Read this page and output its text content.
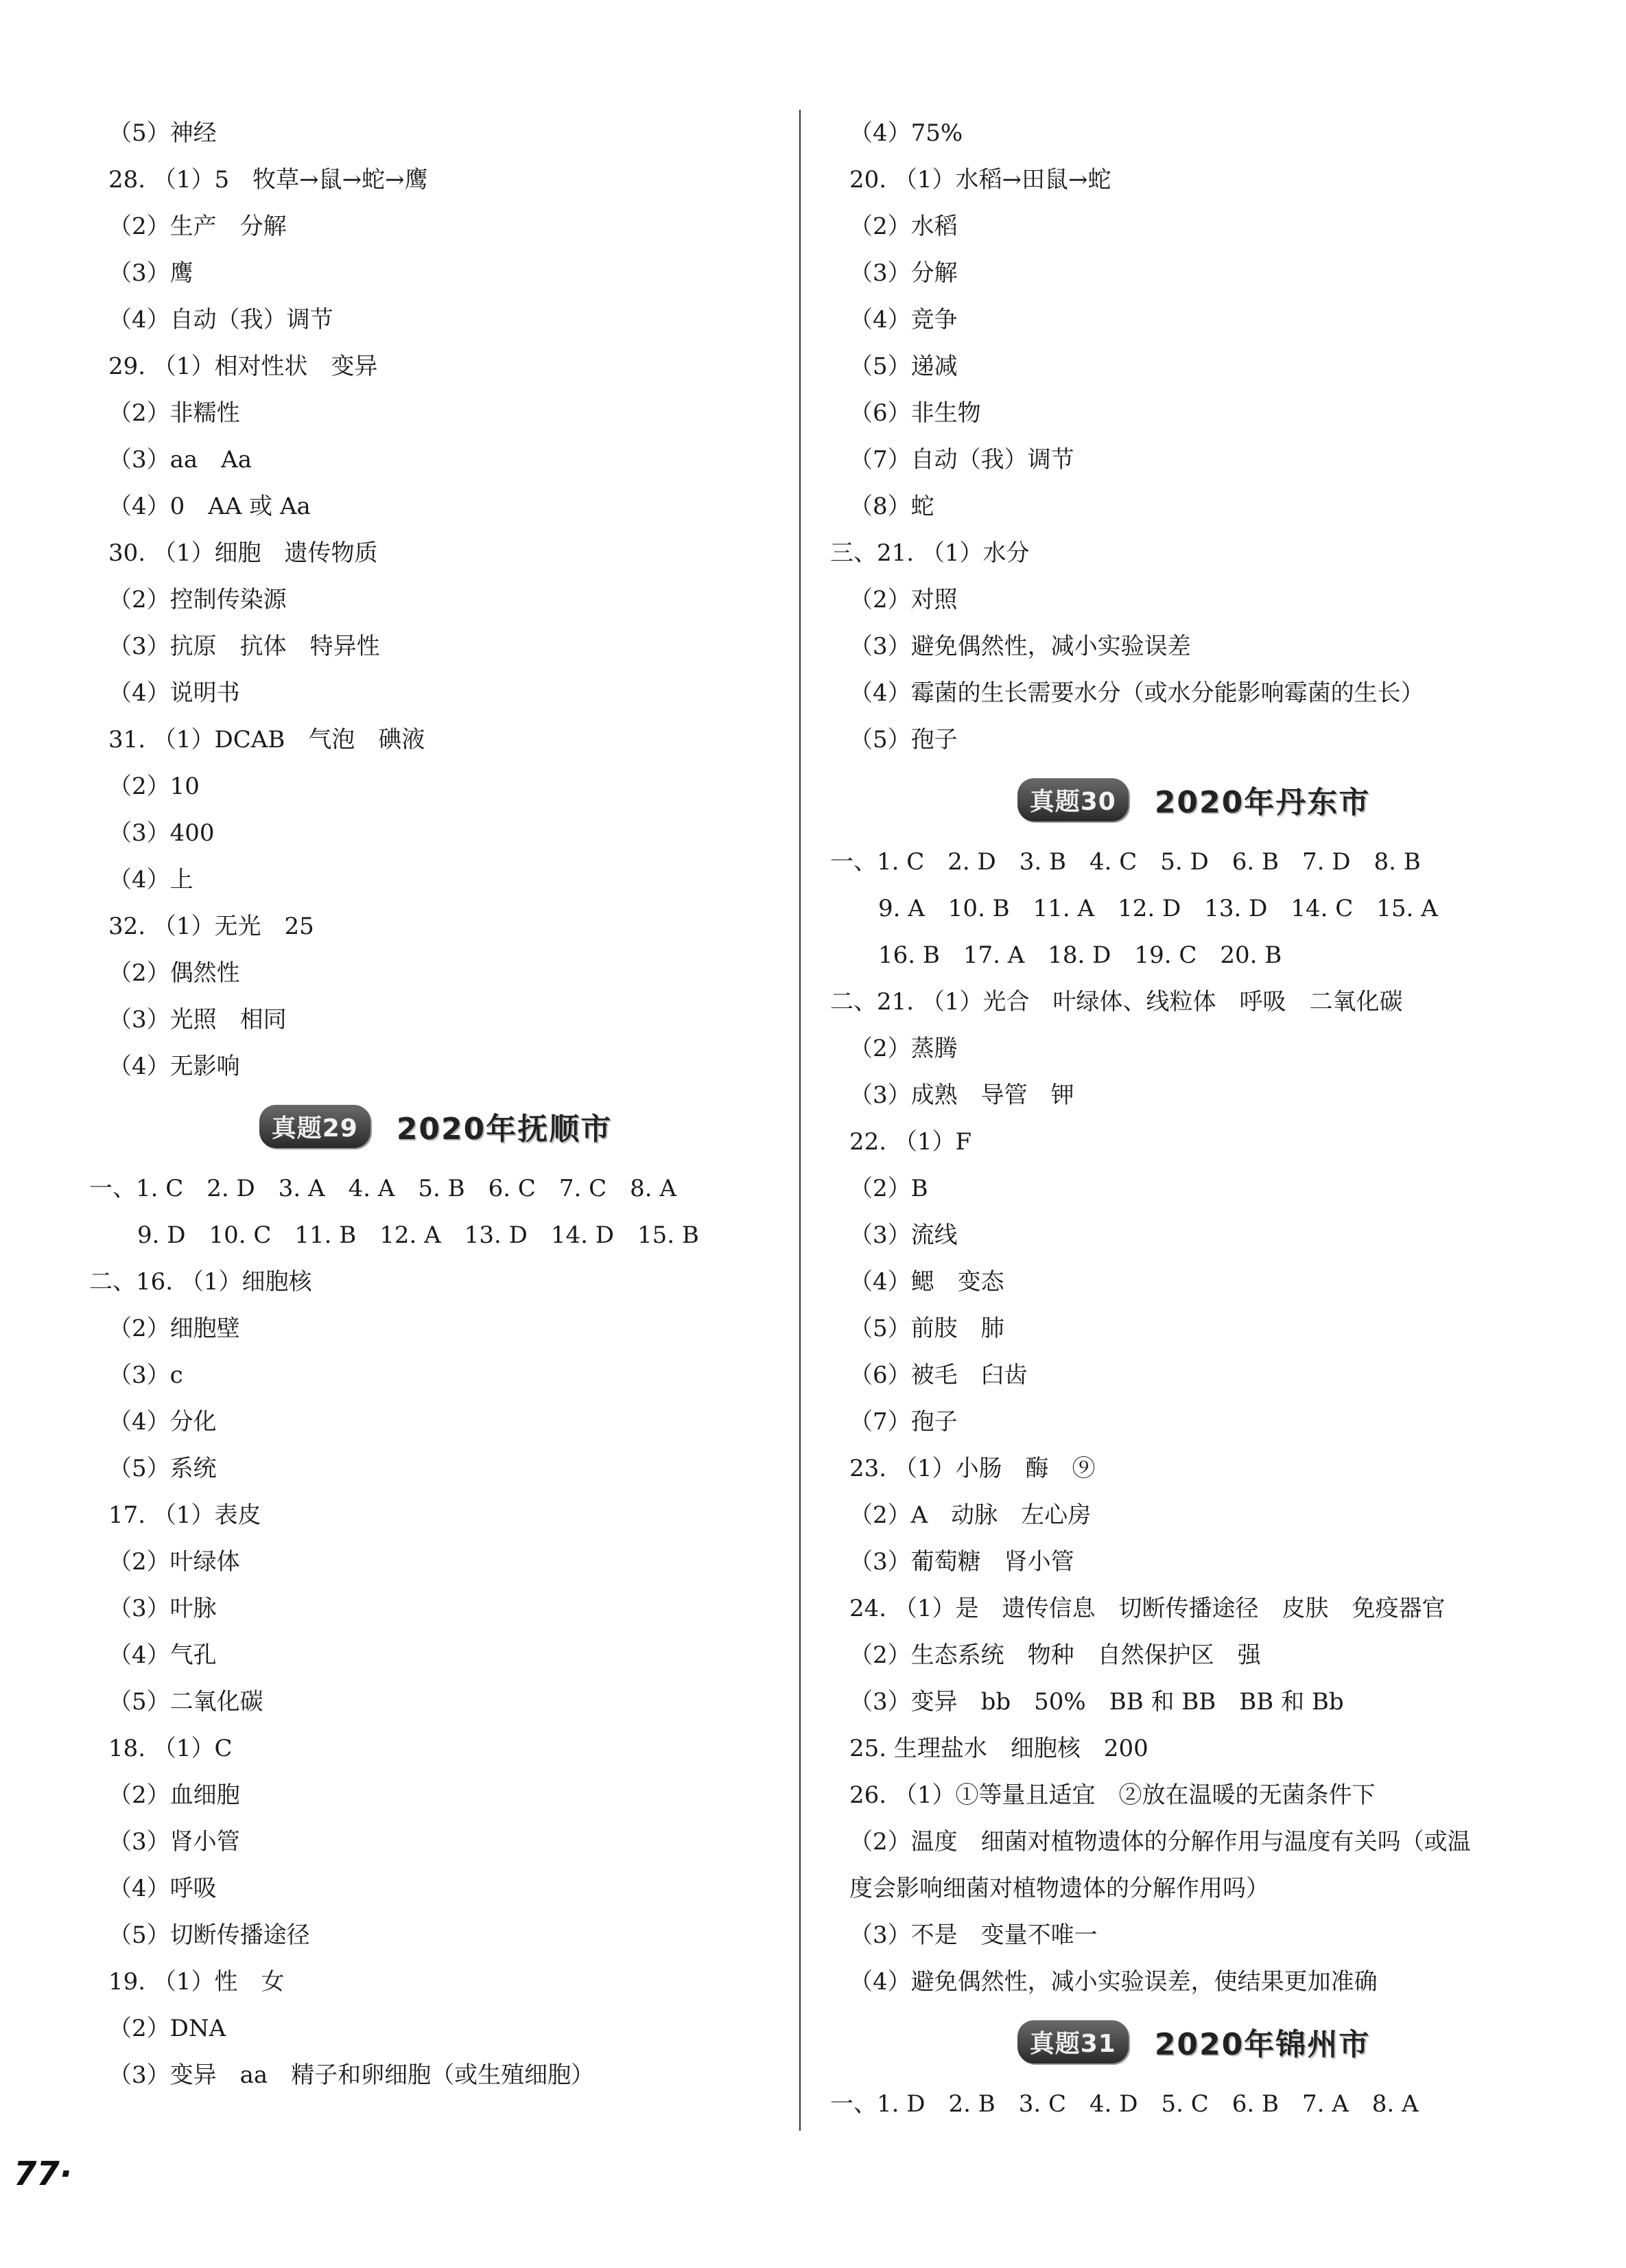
（5）神经
28. （1）5　牧草→鼠→蛇→鹰
（2）生产　分解
（3）鹰
（4）自动（我）调节
29. （1）相对性状　变异
（2）非糯性
（3）aa　Aa
（4）0　AA 或 Aa
30. （1）细胞　遗传物质
（2）控制传染源
（3）抗原　抗体　特异性
（4）说明书
31. （1）DCAB　气泡　碘液
（2）10
（3）400
（4）上
32. （1）无光　25
（2）偶然性
（3）光照　相同
（4）无影响
真题29	2020年抚顺市
一、1. C　2. D　3. A　4. A　5. B　6. C　7. C　8. A
9. D　10. C　11. B　12. A　13. D　14. D　15. B
二、16. （1）细胞核
（2）细胞壁
（3）c
（4）分化
（5）系统
17. （1）表皮
（2）叶绿体
（3）叶脉
（4）气孔
（5）二氧化碳
18. （1）C
（2）血细胞
（3）肾小管
（4）呼吸
（5）切断传播途径
19. （1）性　女
（2）DNA
（3）变异　aa　精子和卵细胞（或生殖细胞）
（4）75%
20. （1）水稻→田鼠→蛇
（2）水稻
（3）分解
（4）竞争
（5）递减
（6）非生物
（7）自动（我）调节
（8）蛇
三、21. （1）水分
（2）对照
（3）避免偶然性，减小实验误差
（4）霉菌的生长需要水分（或水分能影响霉菌的生长）
（5）孢子
真题30	2020年丹东市
一、1. C　2. D　3. B　4. C　5. D　6. B　7. D　8. B
9. A　10. B　11. A　12. D　13. D　14. C　15. A
16. B　17. A　18. D　19. C　20. B
二、21. （1）光合　叶绿体、线粒体　呼吸　二氧化碳
（2）蒸腾
（3）成熟　导管　钾
22. （1）F
（2）B
（3）流线
（4）鳃　变态
（5）前肢　肺
（6）被毛　臼齿
（7）孢子
23. （1）小肠　酶　⑨
（2）A　动脉　左心房
（3）葡萄糖　肾小管
24. （1）是　遗传信息　切断传播途径　皮肤　免疫器官
（2）生态系统　物种　自然保护区　强
（3）变异　bb　50%　BB 和 BB　BB 和 Bb
25. 生理盐水　细胞核　200
26. （1）①等量且适宜　②放在温暖的无菌条件下
（2）温度　细菌对植物遗体的分解作用与温度有关吗（或温
度会影响细菌对植物遗体的分解作用吗）
（3）不是　变量不唯一
（4）避免偶然性，减小实验误差，使结果更加准确
真题31	2020年锦州市
一、1. D　2. B　3. C　4. D　5. C　6. B　7. A　8. A
77·
